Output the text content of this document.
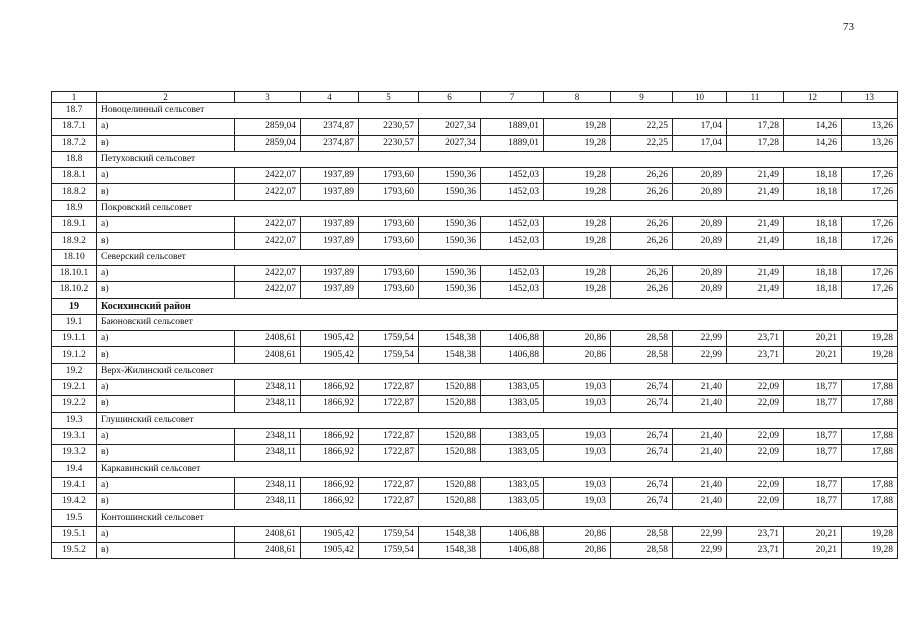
73
1	2	3	4	5	6	7	8	9	10	11	12	13
18.7	Новоцелинный сельсовет											
18.7.1	а)	2859,04	2374,87	2230,57	2027,34	1889,01	19,28	22,25	17,04	17,28	14,26	13,26
18.7.2	в)	2859,04	2374,87	2230,57	2027,34	1889,01	19,28	22,25	17,04	17,28	14,26	13,26
18.8	Петуховский сельсовет											
18.8.1	а)	2422,07	1937,89	1793,60	1590,36	1452,03	19,28	26,26	20,89	21,49	18,18	17,26
18.8.2	в)	2422,07	1937,89	1793,60	1590,36	1452,03	19,28	26,26	20,89	21,49	18,18	17,26
18.9	Покровский сельсовет											
18.9.1	а)	2422,07	1937,89	1793,60	1590,36	1452,03	19,28	26,26	20,89	21,49	18,18	17,26
18.9.2	в)	2422,07	1937,89	1793,60	1590,36	1452,03	19,28	26,26	20,89	21,49	18,18	17,26
18.10	Северский сельсовет											
18.10.1	а)	2422,07	1937,89	1793,60	1590,36	1452,03	19,28	26,26	20,89	21,49	18,18	17,26
18.10.2	в)	2422,07	1937,89	1793,60	1590,36	1452,03	19,28	26,26	20,89	21,49	18,18	17,26
19	Косихинский район											
19.1	Баюновский сельсовет											
19.1.1	а)	2408,61	1905,42	1759,54	1548,38	1406,88	20,86	28,58	22,99	23,71	20,21	19,28
19.1.2	в)	2408,61	1905,42	1759,54	1548,38	1406,88	20,86	28,58	22,99	23,71	20,21	19,28
19.2	Верх-Жилинский сельсовет											
19.2.1	а)	2348,11	1866,92	1722,87	1520,88	1383,05	19,03	26,74	21,40	22,09	18,77	17,88
19.2.2	в)	2348,11	1866,92	1722,87	1520,88	1383,05	19,03	26,74	21,40	22,09	18,77	17,88
19.3	Глушинский сельсовет											
19.3.1	а)	2348,11	1866,92	1722,87	1520,88	1383,05	19,03	26,74	21,40	22,09	18,77	17,88
19.3.2	в)	2348,11	1866,92	1722,87	1520,88	1383,05	19,03	26,74	21,40	22,09	18,77	17,88
19.4	Каркавинский сельсовет											
19.4.1	а)	2348,11	1866,92	1722,87	1520,88	1383,05	19,03	26,74	21,40	22,09	18,77	17,88
19.4.2	в)	2348,11	1866,92	1722,87	1520,88	1383,05	19,03	26,74	21,40	22,09	18,77	17,88
19.5	Контошинский сельсовет											
19.5.1	а)	2408,61	1905,42	1759,54	1548,38	1406,88	20,86	28,58	22,99	23,71	20,21	19,28
19.5.2	в)	2408,61	1905,42	1759,54	1548,38	1406,88	20,86	28,58	22,99	23,71	20,21	19,28
